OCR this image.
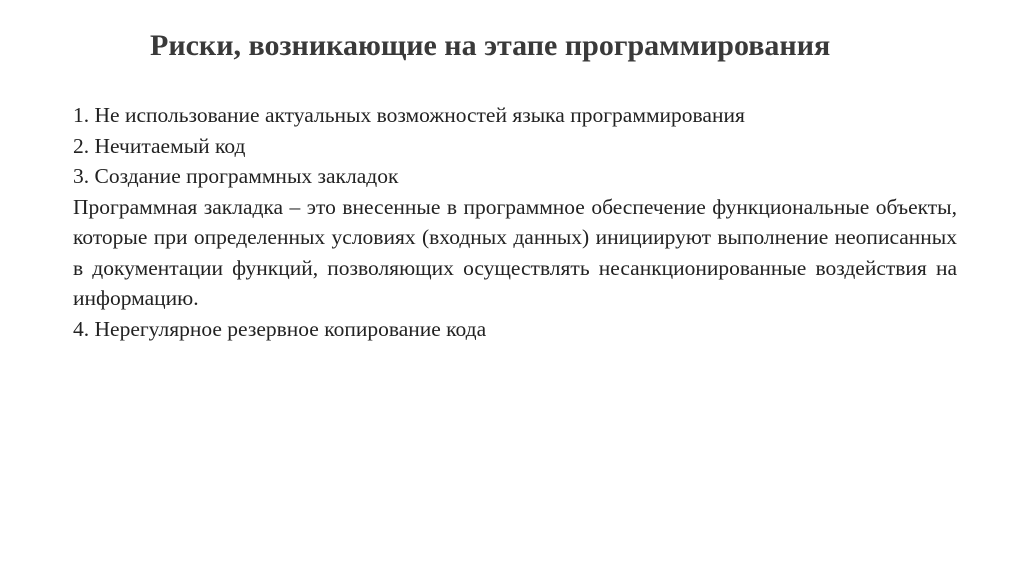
Риски, возникающие на этапе программирования
1. Не использование актуальных возможностей языка программирования
2. Нечитаемый код
3. Создание программных закладок
Программная закладка – это внесенные в программное обеспечение функциональные объекты, которые при определенных условиях (входных данных) инициируют выполнение неописанных в документации функций, позволяющих осуществлять несанкционированные воздействия на информацию.
4. Нерегулярное резервное копирование кода
